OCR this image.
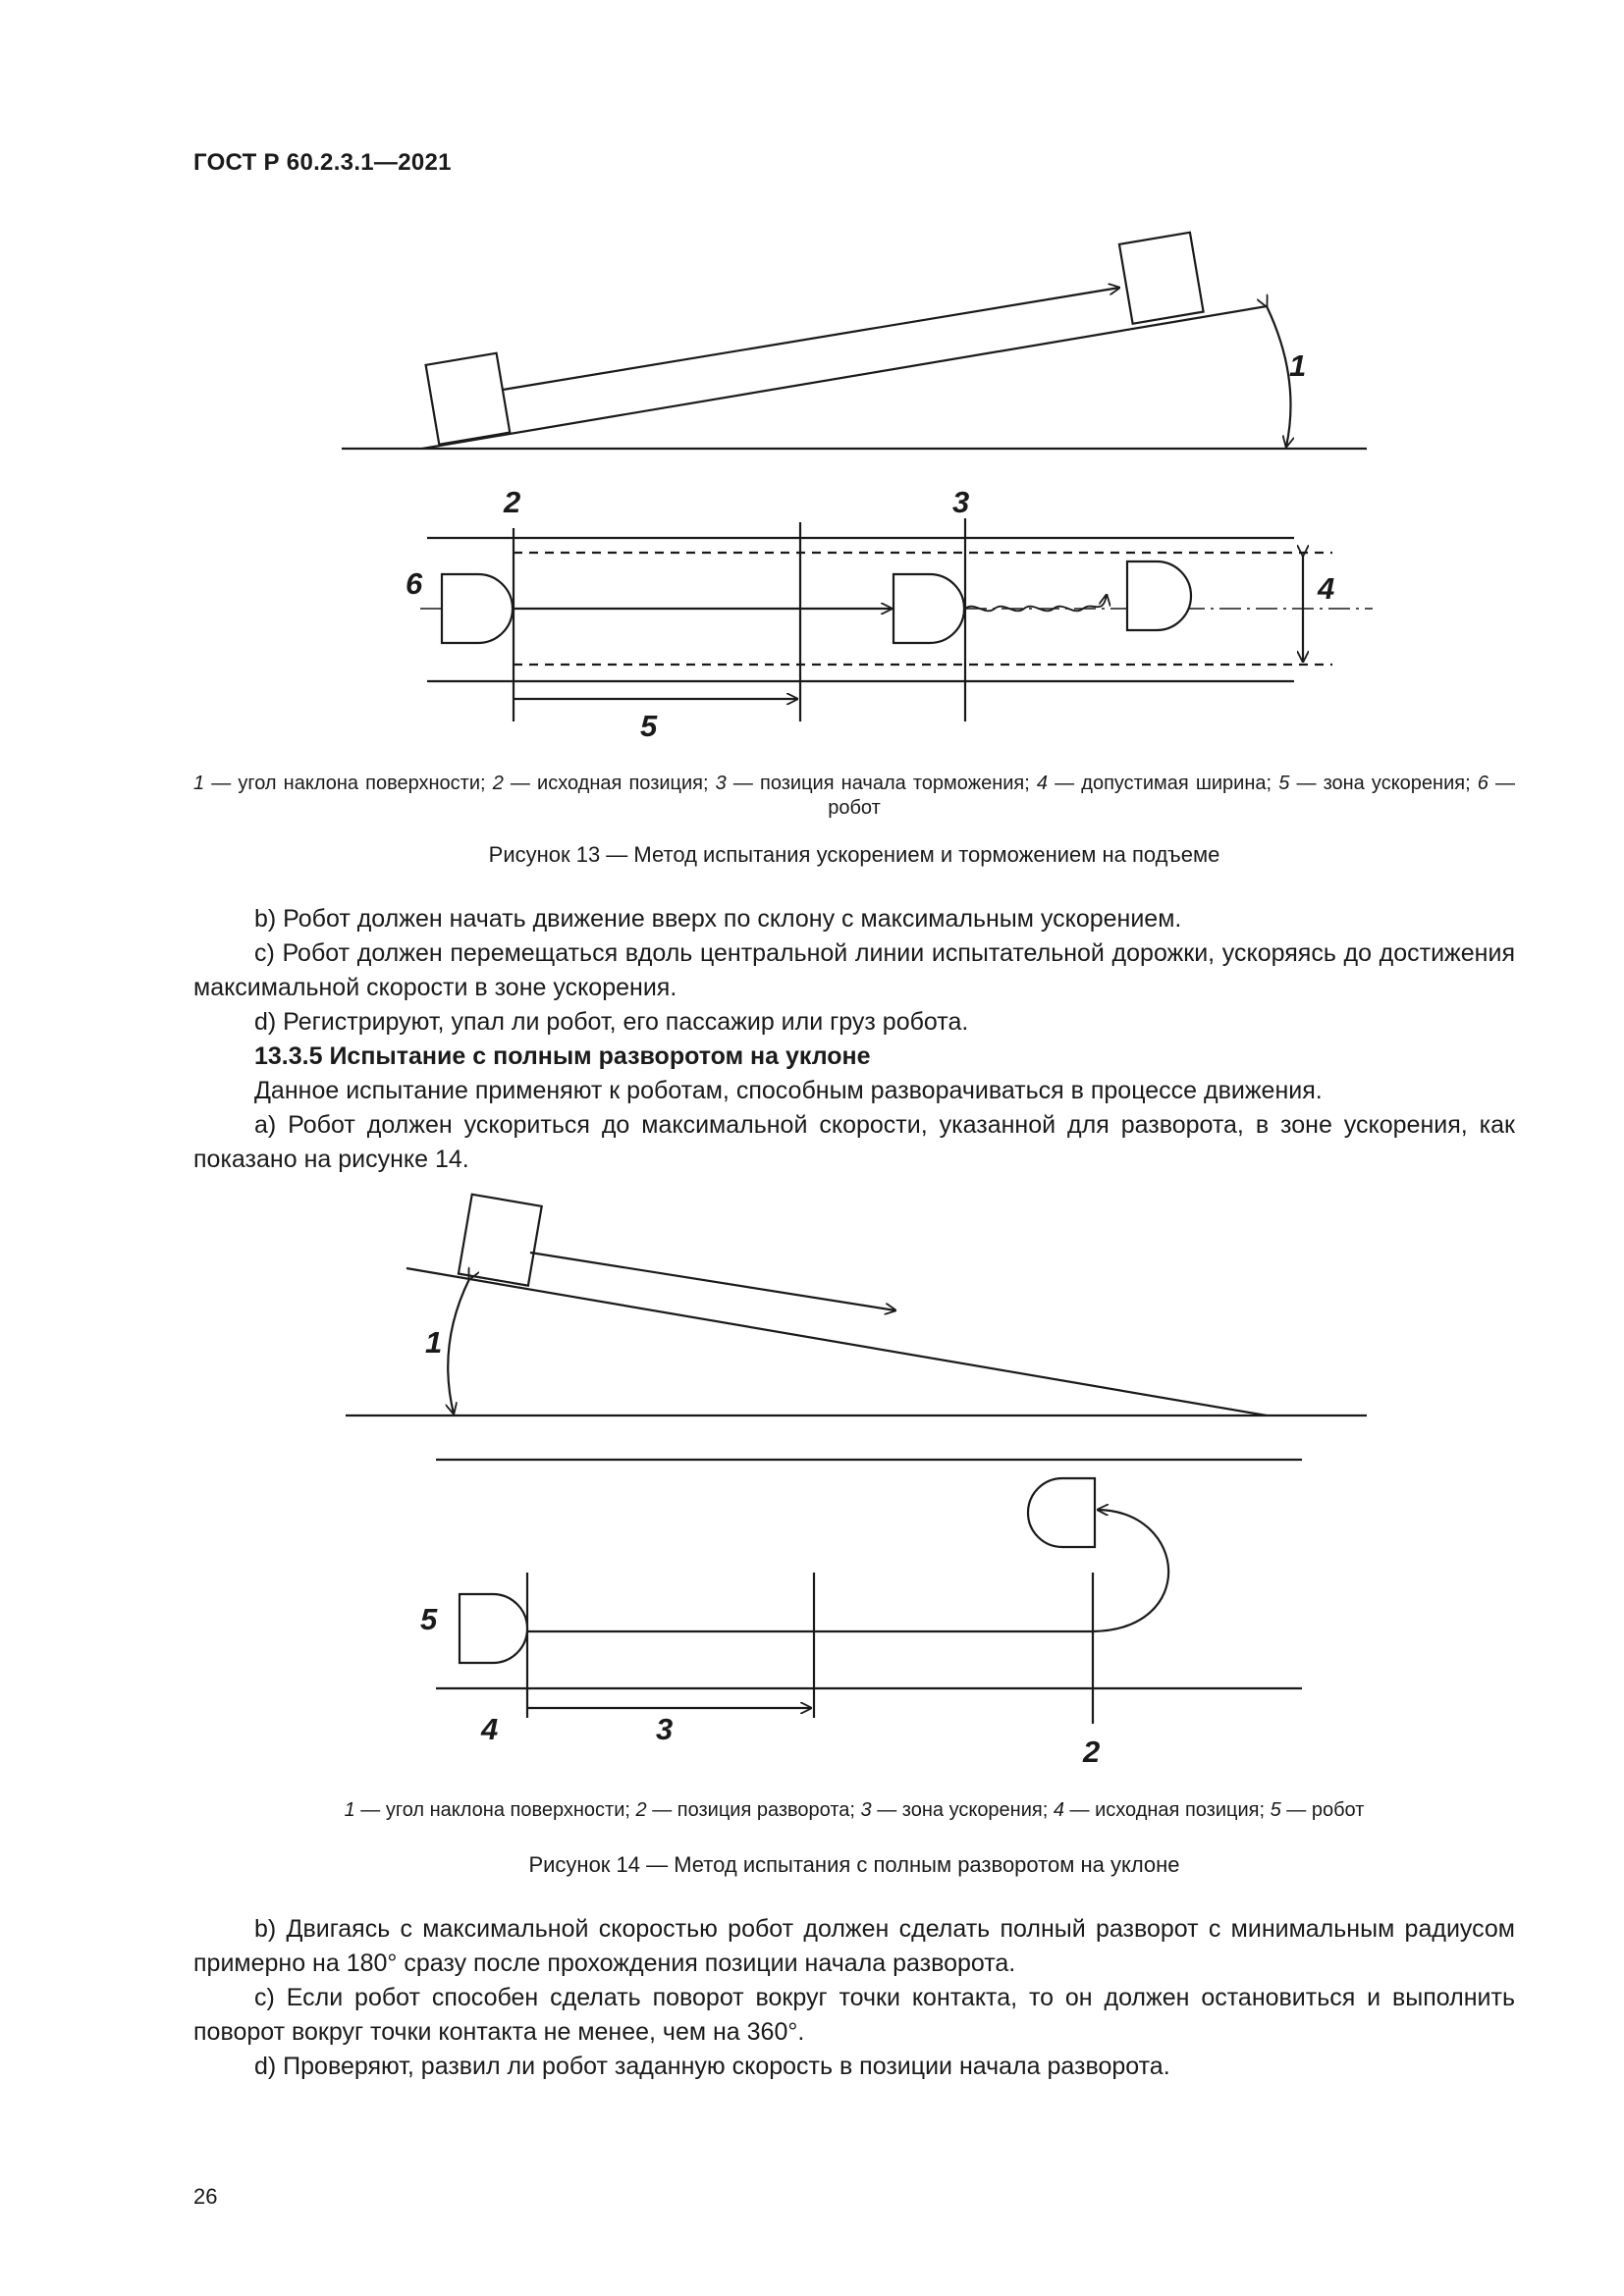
ГОСТ Р 60.2.3.1—2021
1
2	3
4
5
6
1 — угол наклона поверхности; 2 — исходная позиция; 3 — позиция начала торможения; 4 — допустимая ширина; 5 — зона ускорения; 6 — робот
Рисунок 13 — Метод испытания ускорением и торможением на подъеме
b) Робот должен начать движение вверх по склону с максимальным ускорением.
c) Робот должен перемещаться вдоль центральной линии испытательной дорожки, ускоряясь до достижения максимальной скорости в зоне ускорения.
d) Регистрируют, упал ли робот, его пассажир или груз робота.
13.3.5 Испытание с полным разворотом на уклоне
Данное испытание применяют к роботам, способным разворачиваться в процессе движения.
a) Робот должен ускориться до максимальной скорости, указанной для разворота, в зоне ускорения, как показано на рисунке 14.
1
2
3
4
5
1 — угол наклона поверхности; 2 — позиция разворота; 3 — зона ускорения; 4 — исходная позиция; 5 — робот
Рисунок 14 — Метод испытания с полным разворотом на уклоне
b) Двигаясь с максимальной скоростью робот должен сделать полный разворот с минимальным радиусом примерно на 180° сразу после прохождения позиции начала разворота.
c) Если робот способен сделать поворот вокруг точки контакта, то он должен остановиться и выполнить поворот вокруг точки контакта не менее, чем на 360°.
d) Проверяют, развил ли робот заданную скорость в позиции начала разворота.
26
